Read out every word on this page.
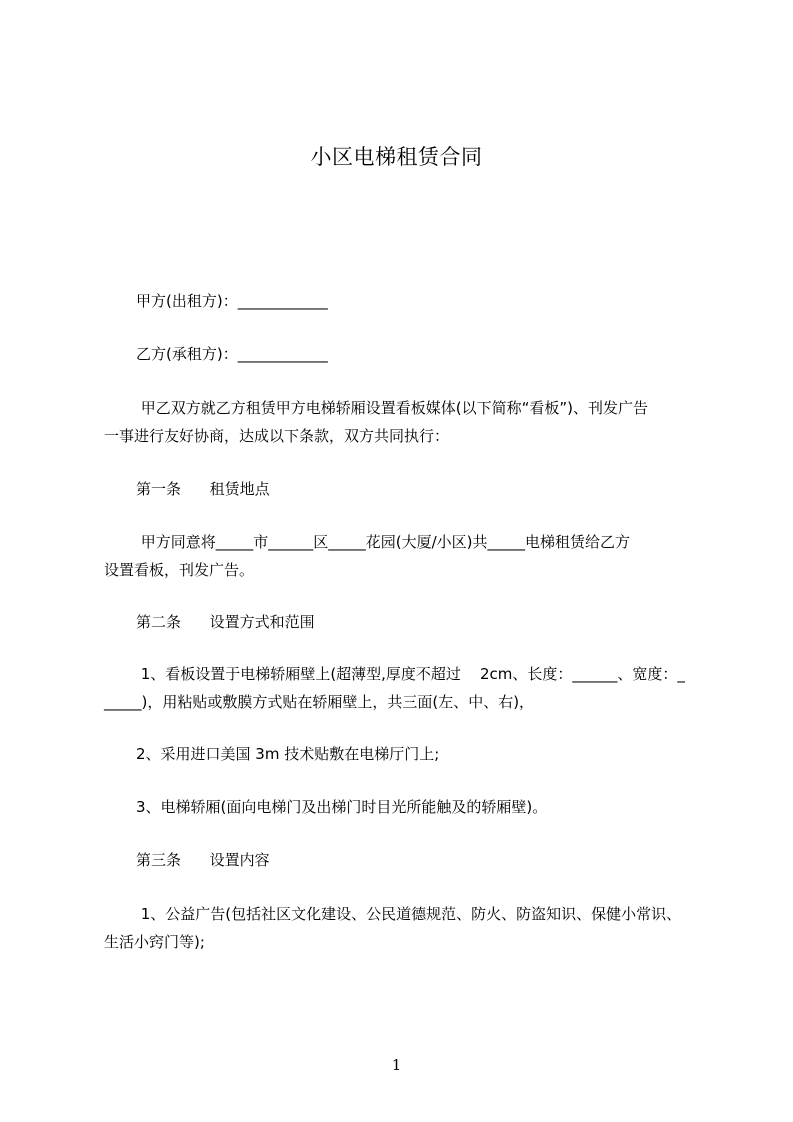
小区电梯租赁合同
甲方(出租方)：____________
乙方(承租方)：____________
甲乙双方就乙方租赁甲方电梯轿厢设置看板媒体(以下简称“看板”)、刊发广告
一事进行友好协商，达成以下条款，双方共同执行：
第一条      租赁地点
甲方同意将_____市______区_____花园(大厦/小区)共_____电梯租赁给乙方
设置看板，刊发广告。
第二条      设置方式和范围
1、看板设置于电梯轿厢壁上(超薄型,厚度不超过    2cm、长度：______、宽度：_
_____)，用粘贴或敷膜方式贴在轿厢壁上，共三面(左、中、右)，
2、采用进口美国 3m 技术贴敷在电梯厅门上;
3、电梯轿厢(面向电梯门及出梯门时目光所能触及的轿厢壁)。
第三条      设置内容
1、公益广告(包括社区文化建设、公民道德规范、防火、防盗知识、保健小常识、
生活小窍门等);
1
